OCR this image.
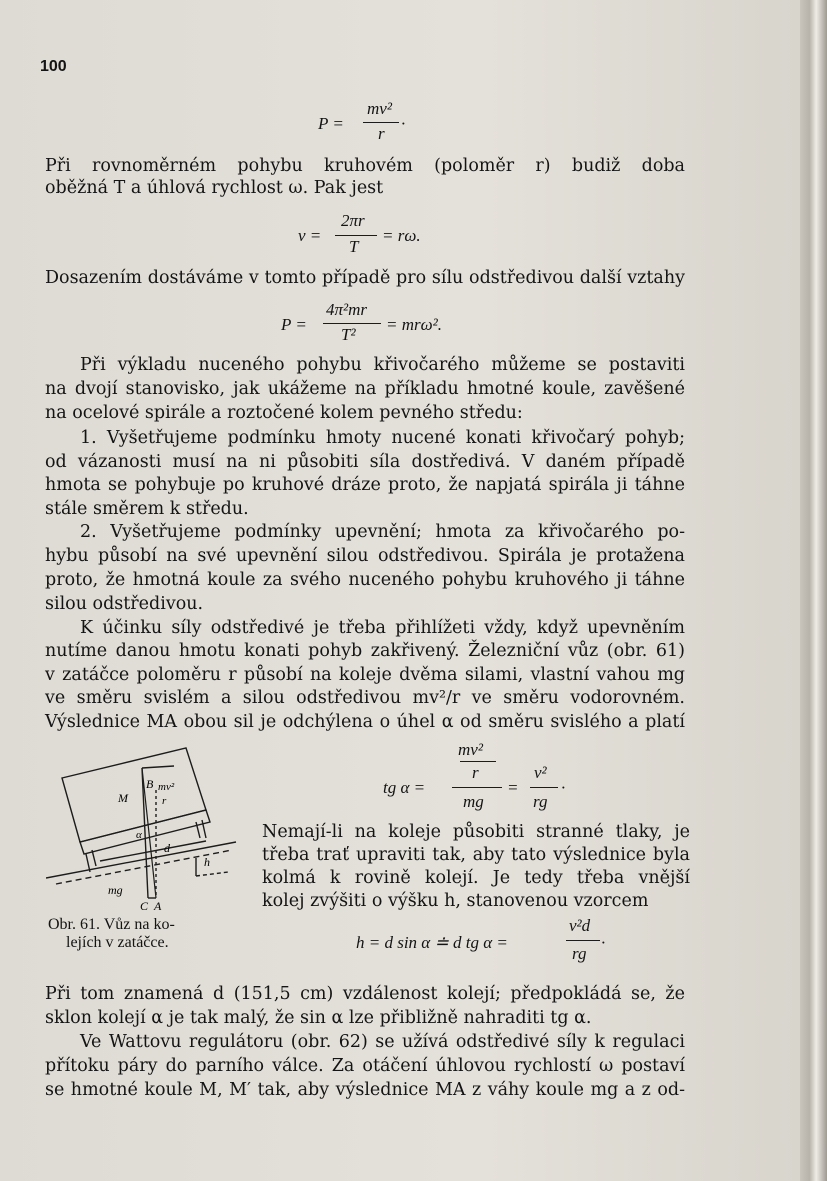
100
P =
mv²
r
·
Při rovnoměrném pohybu kruhovém (poloměr r) budiž doba
oběžná T a úhlová rychlost ω. Pak jest
v =
2πr
T
= rω.
Dosazením dostáváme v tomto případě pro sílu odstředivou další vztahy
P =
4π²mr
T²
= mrω².
Při výkladu nuceného pohybu křivočarého můžeme se postaviti
na dvojí stanovisko, jak ukážeme na příkladu hmotné koule, zavěšené
na ocelové spirále a roztočené kolem pevného středu:
1. Vyšetřujeme podmínku hmoty nucené konati křivočarý pohyb;
od vázanosti musí na ni působiti síla dostředivá. V daném případě
hmota se pohybuje po kruhové dráze proto, že napjatá spirála ji táhne
stále směrem k středu.
2. Vyšetřujeme podmínky upevnění; hmota za křivočarého po-
hybu působí na své upevnění silou odstředivou. Spirála je protažena
proto, že hmotná koule za svého nuceného pohybu kruhového ji táhne
silou odstředivou.
K účinku síly odstředivé je třeba přihlížeti vždy, když upevněním
nutíme danou hmotu konati pohyb zakřivený. Železniční vůz (obr. 61)
v zatáčce poloměru r působí na koleje dvěma silami, vlastní vahou mg
ve směru svislém a silou odstředivou mv²/r ve směru vodorovném.
Výslednice MA obou sil je odchýlena o úhel α od směru svislého a platí
M
B mv²
r
α
d
h
mg
C A
Obr. 61. Vůz na ko-
lejích v zatáčce.
mv²
r
tg α =
mg
=
v²
rg
·
Nemají-li na koleje působiti stranné tlaky, je
třeba trať upraviti tak, aby tato výslednice byla
kolmá k rovině kolejí. Je tedy třeba vnější
kolej zvýšiti o výšku h, stanovenou vzorcem
h = d sin α ≐ d tg α =
v²d
rg
·
Při tom znamená d (151,5 cm) vzdálenost kolejí; předpokládá se, že
sklon kolejí α je tak malý, že sin α lze přibližně nahraditi tg α.
Ve Wattovu regulátoru (obr. 62) se užívá odstředivé síly k regulaci
přítoku páry do parního válce. Za otáčení úhlovou rychlostí ω postaví
se hmotné koule M, M′ tak, aby výslednice MA z váhy koule mg a z od-
